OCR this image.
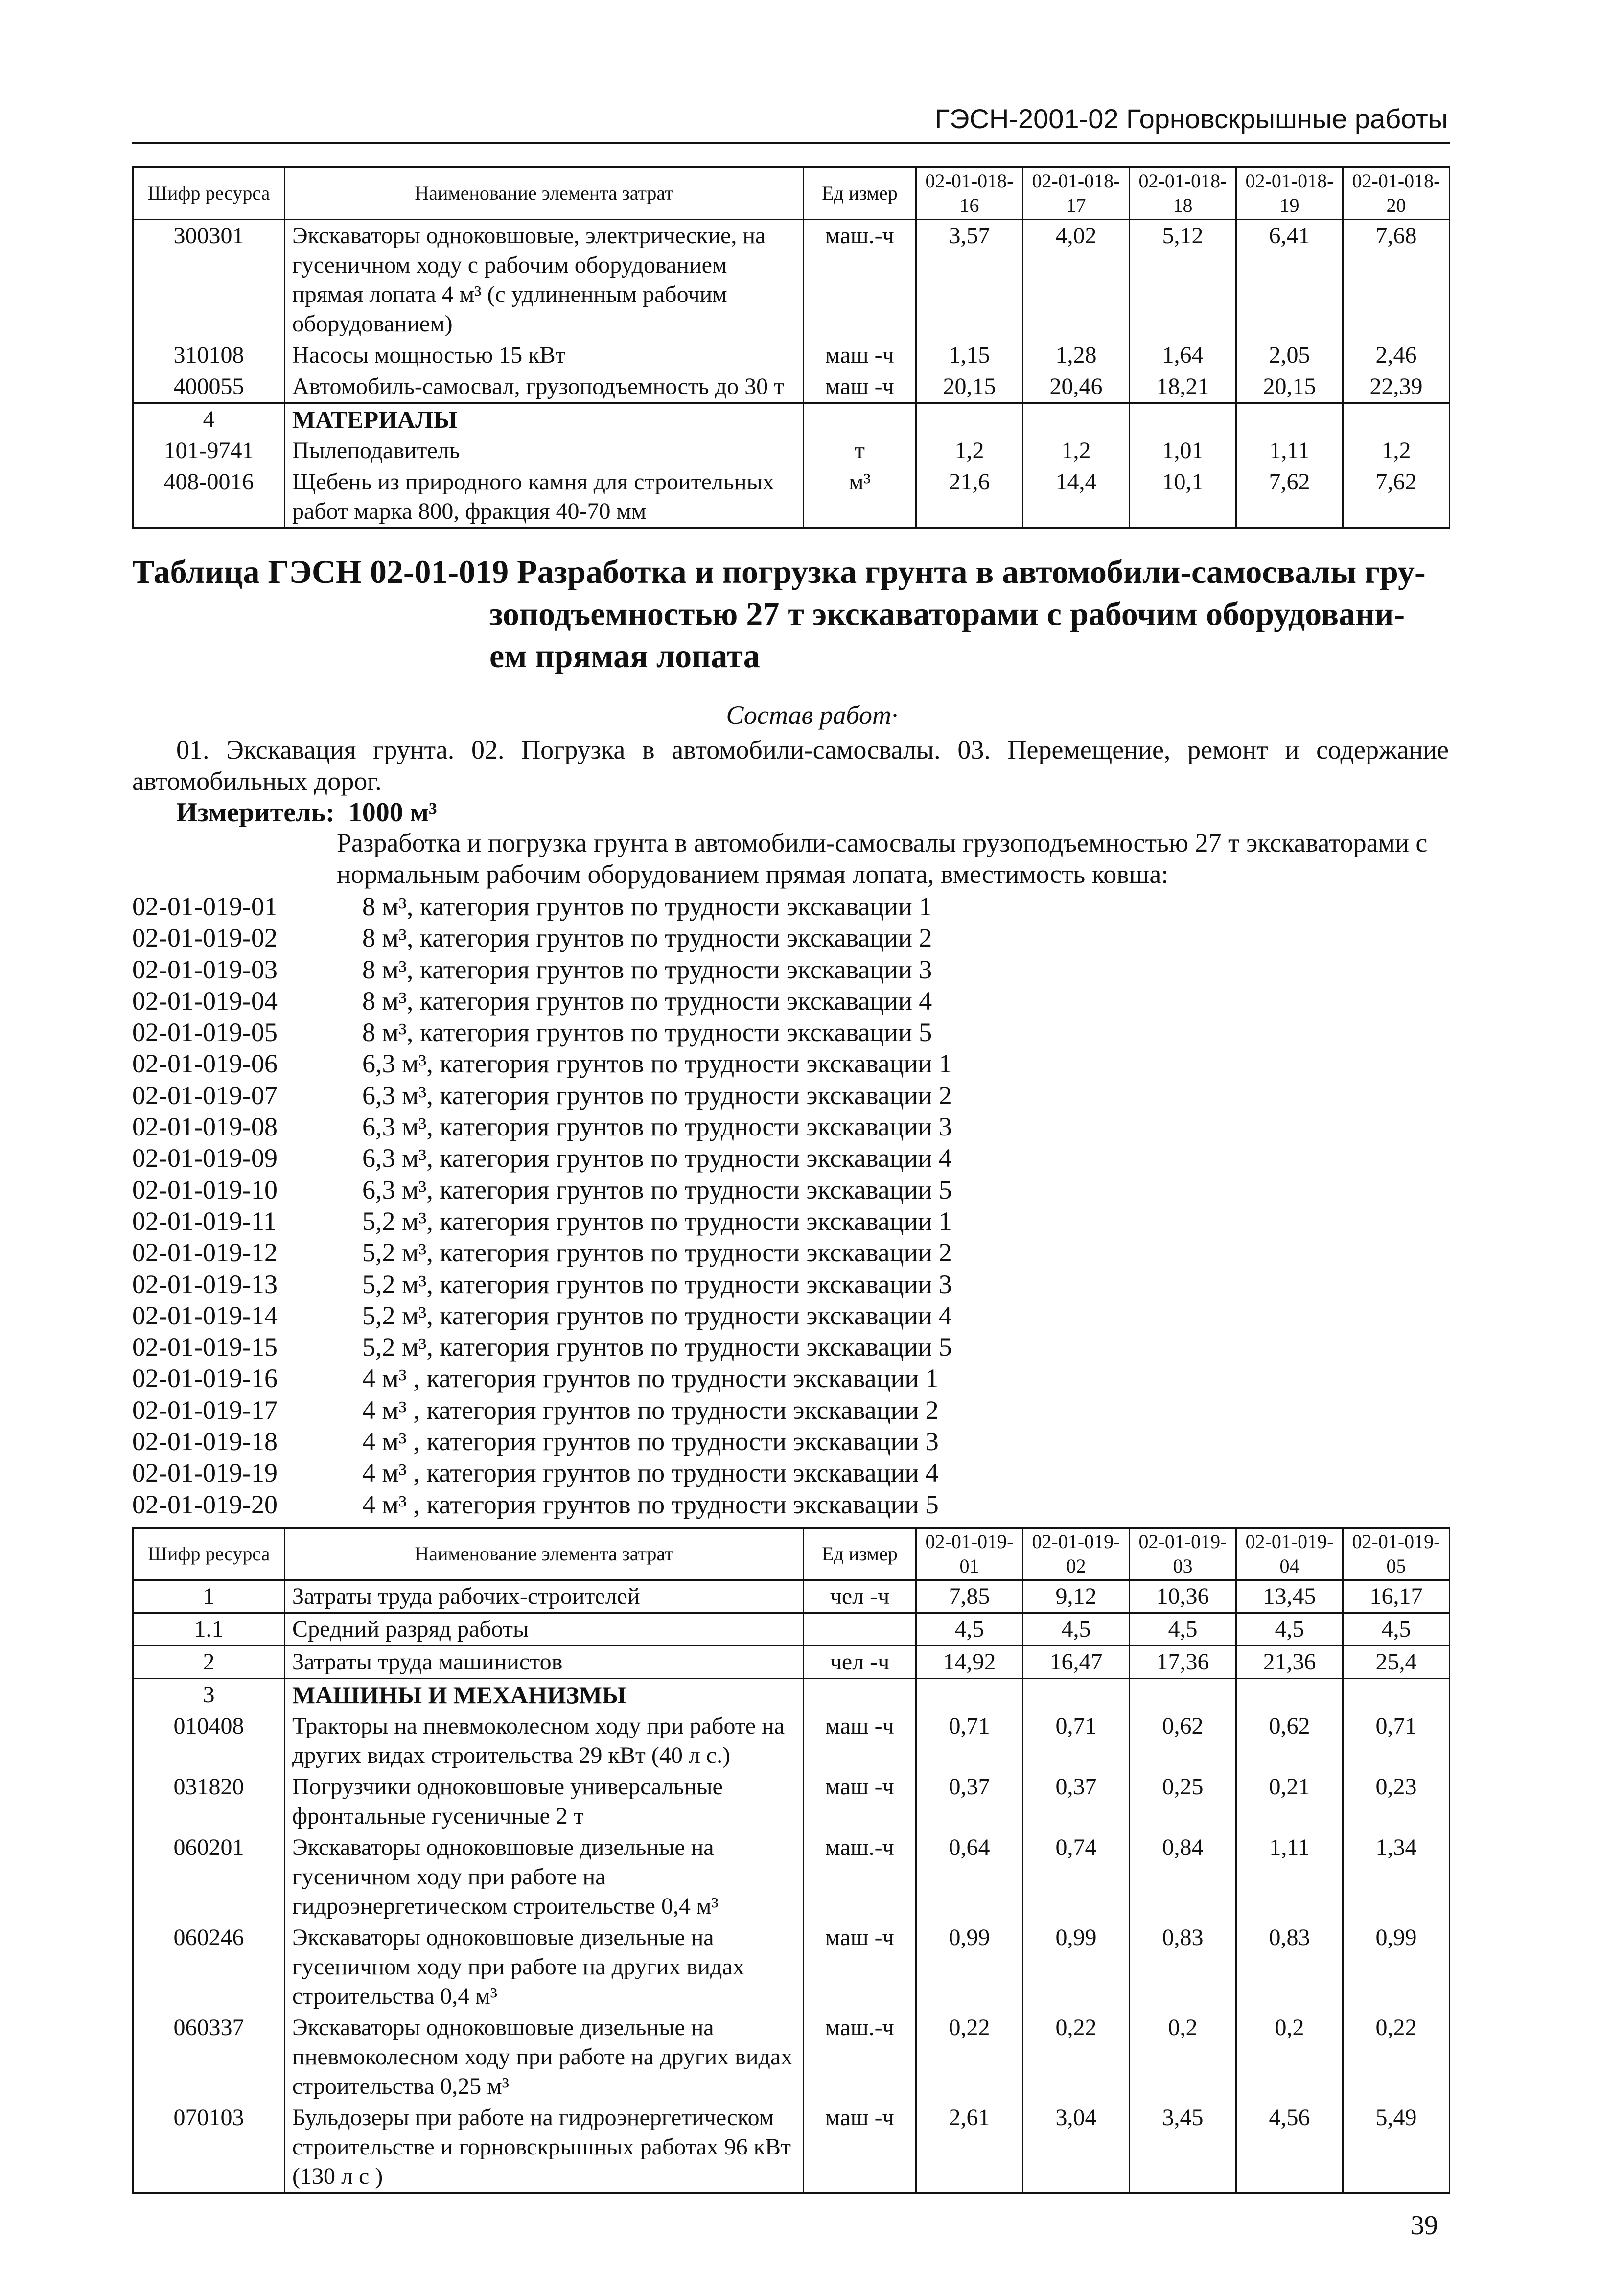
ГЭСН-2001-02 Горновскрышные работы
Шифр ресурса	Наименование элемента затрат	Ед измер	02-01-018-16	02-01-018-17	02-01-018-18	02-01-018-19	02-01-018-20
300301	Экскаваторы одноковшовые, электрические, на гусеничном ходу с рабочим оборудованием прямая лопата 4 м³ (с удлиненным рабочим оборудованием)	маш.-ч	3,57	4,02	5,12	6,41	7,68
310108	Насосы мощностью 15 кВт	маш -ч	1,15	1,28	1,64	2,05	2,46
400055	Автомобиль-самосвал, грузоподъемность до 30 т	маш -ч	20,15	20,46	18,21	20,15	22,39
4	МАТЕРИАЛЫ						
101-9741	Пылеподавитель	т	1,2	1,2	1,01	1,11	1,2
408-0016	Щебень из природного камня для строительных работ марка 800, фракция 40-70 мм	м³	21,6	14,4	10,1	7,62	7,62
Таблица ГЭСН 02-01-019 Разработка и погрузка грунта в автомобили-самосвалы гру-
зоподъемностью 27 т экскаваторами с рабочим оборудовани-
ем прямая лопата
Состав работ·
01. Экскавация грунта. 02. Погрузка в автомобили-самосвалы. 03. Перемещение, ремонт и содержание автомобильных дорог.
Измеритель: 1000 м³
Разработка и погрузка грунта в автомобили-самосвалы грузоподъемностью 27 т экскаваторами с нормальным рабочим оборудованием прямая лопата, вместимость ковша:
02-01-019-01	8 м³, категория грунтов по трудности экскавации 1
02-01-019-02	8 м³, категория грунтов по трудности экскавации 2
02-01-019-03	8 м³, категория грунтов по трудности экскавации 3
02-01-019-04	8 м³, категория грунтов по трудности экскавации 4
02-01-019-05	8 м³, категория грунтов по трудности экскавации 5
02-01-019-06	6,3 м³, категория грунтов по трудности экскавации 1
02-01-019-07	6,3 м³, категория грунтов по трудности экскавации 2
02-01-019-08	6,3 м³, категория грунтов по трудности экскавации 3
02-01-019-09	6,3 м³, категория грунтов по трудности экскавации 4
02-01-019-10	6,3 м³, категория грунтов по трудности экскавации 5
02-01-019-11	5,2 м³, категория грунтов по трудности экскавации 1
02-01-019-12	5,2 м³, категория грунтов по трудности экскавации 2
02-01-019-13	5,2 м³, категория грунтов по трудности экскавации 3
02-01-019-14	5,2 м³, категория грунтов по трудности экскавации 4
02-01-019-15	5,2 м³, категория грунтов по трудности экскавации 5
02-01-019-16	4 м³ , категория грунтов по трудности экскавации 1
02-01-019-17	4 м³ , категория грунтов по трудности экскавации 2
02-01-019-18	4 м³ , категория грунтов по трудности экскавации 3
02-01-019-19	4 м³ , категория грунтов по трудности экскавации 4
02-01-019-20	4 м³ , категория грунтов по трудности экскавации 5
Шифр ресурса	Наименование элемента затрат	Ед измер	02-01-019-01	02-01-019-02	02-01-019-03	02-01-019-04	02-01-019-05
1	Затраты труда рабочих-строителей	чел -ч	7,85	9,12	10,36	13,45	16,17
1.1	Средний разряд работы		4,5	4,5	4,5	4,5	4,5
2	Затраты труда машинистов	чел -ч	14,92	16,47	17,36	21,36	25,4
3	МАШИНЫ И МЕХАНИЗМЫ						
010408	Тракторы на пневмоколесном ходу при работе на других видах строительства 29 кВт (40 л с.)	маш -ч	0,71	0,71	0,62	0,62	0,71
031820	Погрузчики одноковшовые универсальные фронтальные гусеничные 2 т	маш -ч	0,37	0,37	0,25	0,21	0,23
060201	Экскаваторы одноковшовые дизельные на гусеничном ходу при работе на гидроэнергетическом строительстве 0,4 м³	маш.-ч	0,64	0,74	0,84	1,11	1,34
060246	Экскаваторы одноковшовые дизельные на гусеничном ходу при работе на других видах строительства 0,4 м³	маш -ч	0,99	0,99	0,83	0,83	0,99
060337	Экскаваторы одноковшовые дизельные на пневмоколесном ходу при работе на других видах строительства 0,25 м³	маш.-ч	0,22	0,22	0,2	0,2	0,22
070103	Бульдозеры при работе на гидроэнергетическом строительстве и горновскрышных работах 96 кВт (130 л с )	маш -ч	2,61	3,04	3,45	4,56	5,49
39
